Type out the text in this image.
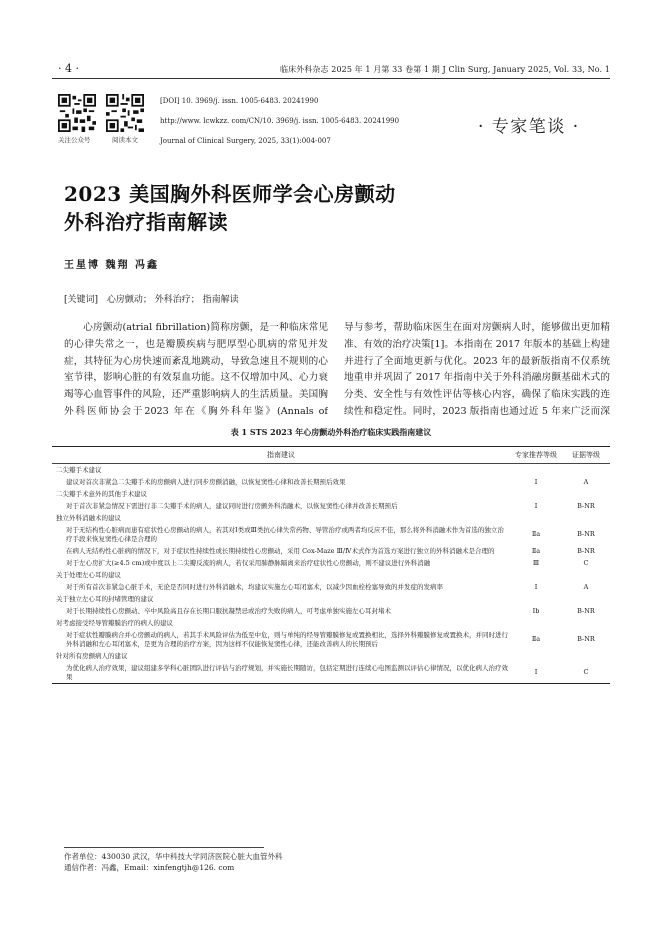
· 4 ·	临床外科杂志 2025 年 1 月第 33 卷第 1 期 J Clin Surg, January 2025, Vol. 33, No. 1
关注公众号	阅读本文
[DOI] 10. 3969/j. issn. 1005-6483. 20241990
http://www. lcwkzz. com/CN/10. 3969/j. issn. 1005-6483. 20241990
Journal of Clinical Surgery, 2025, 33(1):004-007
· 专家笔谈 ·
2023 美国胸外科医师学会心房颤动
外科治疗指南解读
王星博 魏翔 冯鑫
[关键词] 心房颤动； 外科治疗； 指南解读

心房颤动(atrial fibrillation)简称房颤，是一种临床常见的心律失常之一，也是瓣膜疾病与肥厚型心肌病的常见并发症，其特征为心房快速而紊乱地跳动，导致急速且不规则的心室节律，影响心脏的有效泵血功能。这不仅增加中风、心力衰竭等心血管事件的风险，还严重影响病人的生活质量。美国胸外科医师协会于2023 年在《胸外科年鉴》(Annals of

导与参考，帮助临床医生在面对房颤病人时，能够做出更加精准、有效的治疗决策[1]。本指南在 2017 年版本的基础上构建并进行了全面地更新与优化。2023 年的最新版指南不仅系统地重申并巩固了 2017 年指南中关于外科消融房颤基础术式的分类、安全性与有效性评估等核心内容，确保了临床实践的连续性和稳定性。同时，2023 版指南也通过近 5 年来广泛而深

表 1 STS 2023 年心房颤动外科治疗临床实践指南建议
指南建议	专家推荐等级	证据等级
二尖瓣手术建议		
建议对首次非紧急二尖瓣手术的房颤病人进行同步房颤消融，以恢复窦性心律和改善长期预后效果	Ⅰ	A
二尖瓣手术意外的其他手术建议		
对于首次非紧急情况下需进行非二尖瓣手术的病人，建议同时进行房颤外科消融术，以恢复窦性心律并改善长期预后	Ⅰ	B-NR
独立外科消融术的建议		
对于无结构性心脏病而患有症状性心房颤动的病人，若其对Ⅰ类或Ⅲ类抗心律失常药物、导管治疗或两者均反应不佳，那么将外科消融术作为首选的独立治疗手段来恢复窦性心律是合理的	Ⅱa	B-NR
在病人无结构性心脏病的情况下，对于症状性持续性或长期持续性心房颤动，采用 Cox-Maze Ⅲ/Ⅳ术式作为首选方案进行独立的外科消融术是合理的	Ⅱa	B-NR
对于左心房扩大(≥4.5 cm)或中度以上二尖瓣反流的病人，若仅采用肺静脉隔离来治疗症状性心房颤动，则不建议进行外科消融	Ⅲ	C
关于处理左心耳的建议		
对于所有首次非紧急心脏手术，无论是否同时进行外科消融术，均建议实施左心耳闭塞术，以减少因血栓栓塞导致的并发症的发病率	Ⅰ	A
关于独立左心耳的封堵管理的建议		
对于长期持续性心房颤动、卒中风险高且存在长期口服抗凝禁忌或治疗失败的病人，可考虑单独实施左心耳封堵术	Ⅰb	B-NR
对考虑接受经导管瓣膜治疗的病人的建议		
对于症状性瓣膜病合并心房颤动的病人，若其手术风险评估为低至中危，则与单纯的经导管瓣膜修复或置换相比，选择外科瓣膜修复或置换术，并同时进行外科消融和左心耳闭塞术，是更为合理的治疗方案，因为这样不仅能恢复窦性心律，还能改善病人的长期预后	Ⅱa	B-NR
针对所有房颤病人的建议		
为优化病人治疗效果，建议组建多学科心脏团队进行评估与治疗规划，并实施长期随访，包括定期进行连续心电图监测以评估心律情况，以优化病人治疗效果	Ⅰ	C
作者单位：430030 武汉，华中科技大学同济医院心脏大血管外科
通信作者：冯鑫，Email：xinfengtjh@126. com
